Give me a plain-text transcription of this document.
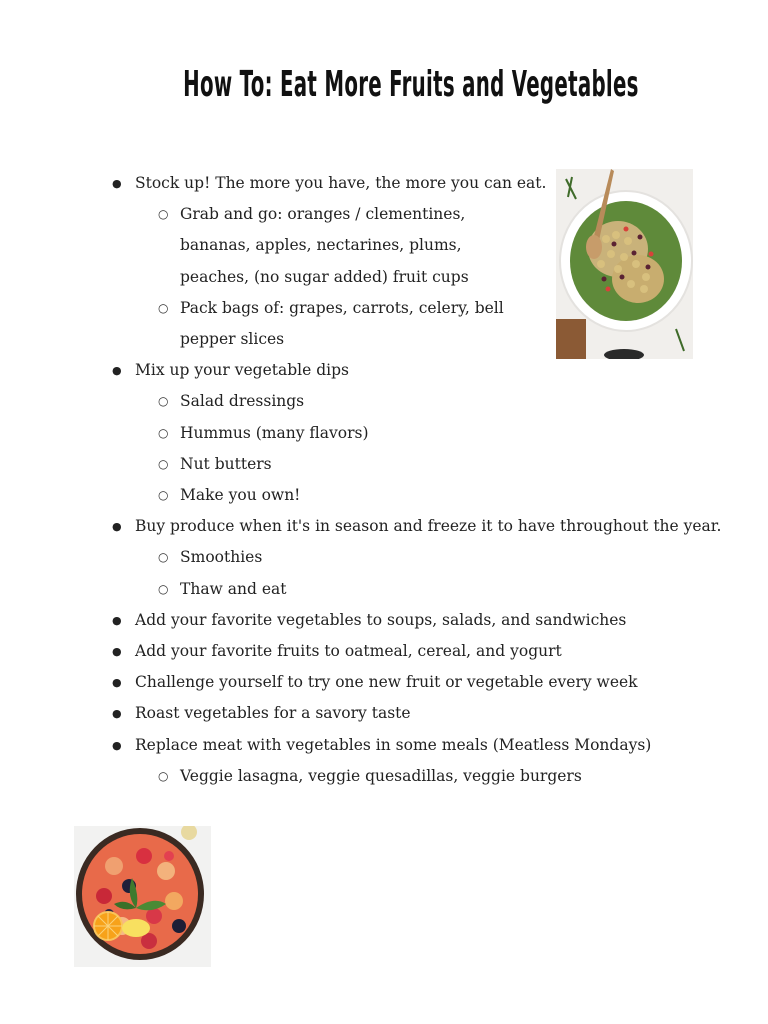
How To: Eat More Fruits and Vegetables
● Stock up! The more you have, the more you can eat.
○ Grab and go: oranges / clementines, bananas, apples, nectarines, plums, peaches, (no sugar added) fruit cups
○ Pack bags of: grapes, carrots, celery, bell pepper slices
● Mix up your vegetable dips
○ Salad dressings
○ Hummus (many flavors)
○ Nut butters
○ Make you own!
● Buy produce when it's in season and freeze it to have throughout the year.
○ Smoothies
○ Thaw and eat
● Add your favorite vegetables to soups, salads, and sandwiches
● Add your favorite fruits to oatmeal, cereal, and yogurt
● Challenge yourself to try one new fruit or vegetable every week
● Roast vegetables for a savory taste
● Replace meat with vegetables in some meals (Meatless Mondays)
○ Veggie lasagna, veggie quesadillas, veggie burgers
